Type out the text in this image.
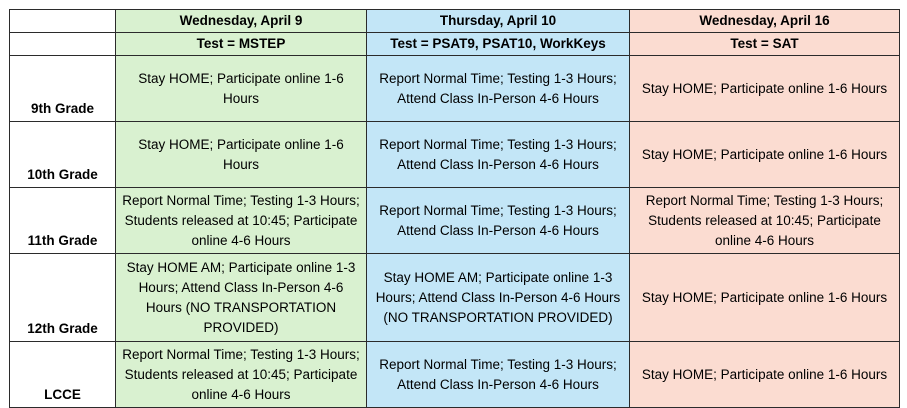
	Wednesday, April 9	Thursday, April 10	Wednesday, April 16
	Test = MSTEP	Test = PSAT9, PSAT10, WorkKeys	Test = SAT
9th Grade	Stay HOME; Participate online 1-6 Hours	Report Normal Time; Testing 1-3 Hours; Attend Class In-Person 4-6 Hours	Stay HOME; Participate online 1-6 Hours

10th Grade	Stay HOME; Participate online 1-6 Hours	Report Normal Time; Testing 1-3 Hours; Attend Class In-Person 4-6 Hours	Stay HOME; Participate online 1-6 Hours

11th Grade	Report Normal Time; Testing 1-3 Hours; Students released at 10:45; Participate online 4-6 Hours	Report Normal Time; Testing 1-3 Hours; Attend Class In-Person 4-6 Hours	Report Normal Time; Testing 1-3 Hours; Students released at 10:45; Participate online 4-6 Hours

12th Grade	Stay HOME AM; Participate online 1-3 Hours; Attend Class In-Person 4-6 Hours (NO TRANSPORTATION PROVIDED)	Stay HOME AM; Participate online 1-3 Hours; Attend Class In-Person 4-6 Hours (NO TRANSPORTATION PROVIDED)	Stay HOME; Participate online 1-6 Hours

LCCE	Report Normal Time; Testing 1-3 Hours; Students released at 10:45; Participate online 4-6 Hours	Report Normal Time; Testing 1-3 Hours; Attend Class In-Person 4-6 Hours	Stay HOME; Participate online 1-6 Hours
